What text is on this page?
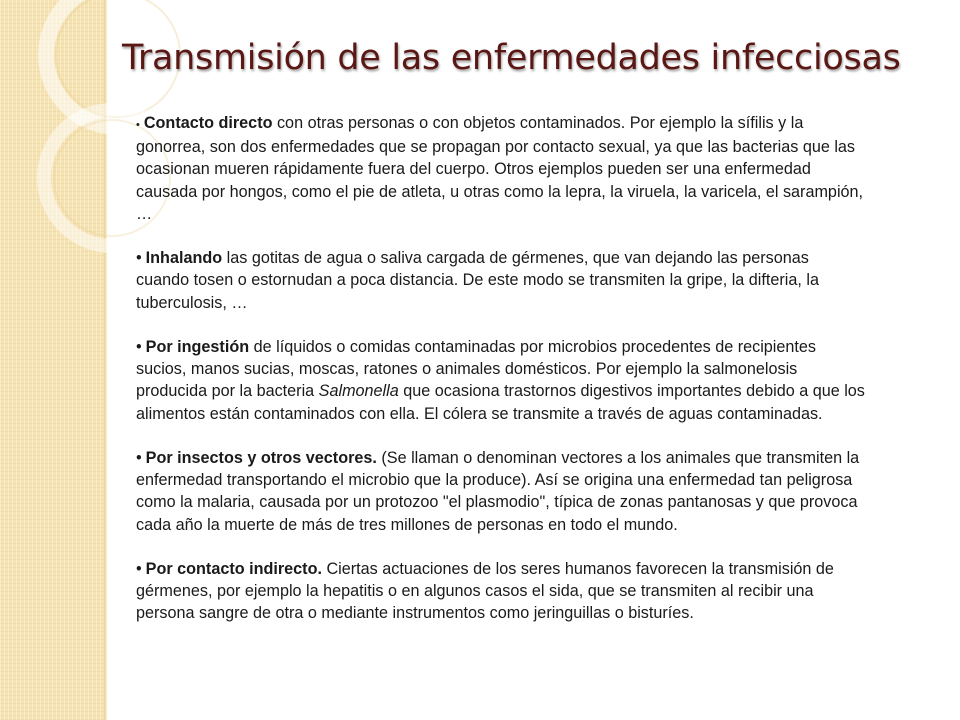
Transmisión de las enfermedades infecciosas

• Contacto directo con otras personas o con objetos contaminados. Por ejemplo la sífilis y la gonorrea, son dos enfermedades que se propagan por contacto sexual, ya que las bacterias que las ocasionan mueren rápidamente fuera del cuerpo. Otros ejemplos pueden ser una enfermedad causada por hongos, como el pie de atleta, u otras como la lepra, la viruela, la varicela, el sarampión, …

• Inhalando las gotitas de agua o saliva cargada de gérmenes, que van dejando las personas cuando tosen o estornudan a poca distancia. De este modo se transmiten la gripe, la difteria, la tuberculosis, …

• Por ingestión de líquidos o comidas contaminadas por microbios procedentes de recipientes sucios, manos sucias, moscas, ratones o animales domésticos. Por ejemplo la salmonelosis producida por la bacteria Salmonella que ocasiona trastornos digestivos importantes debido a que los alimentos están contaminados con ella. El cólera se transmite a través de aguas contaminadas.

• Por insectos y otros vectores. (Se llaman o denominan vectores a los animales que transmiten la enfermedad transportando el microbio que la produce). Así se origina una enfermedad tan peligrosa como la malaria, causada por un protozoo "el plasmodio", típica de zonas pantanosas y que provoca cada año la muerte de más de tres millones de personas en todo el mundo.

• Por contacto indirecto. Ciertas actuaciones de los seres humanos favorecen la transmisión de gérmenes, por ejemplo la hepatitis o en algunos casos el sida, que se transmiten al recibir una persona sangre de otra o mediante instrumentos como jeringuillas o bisturíes.
